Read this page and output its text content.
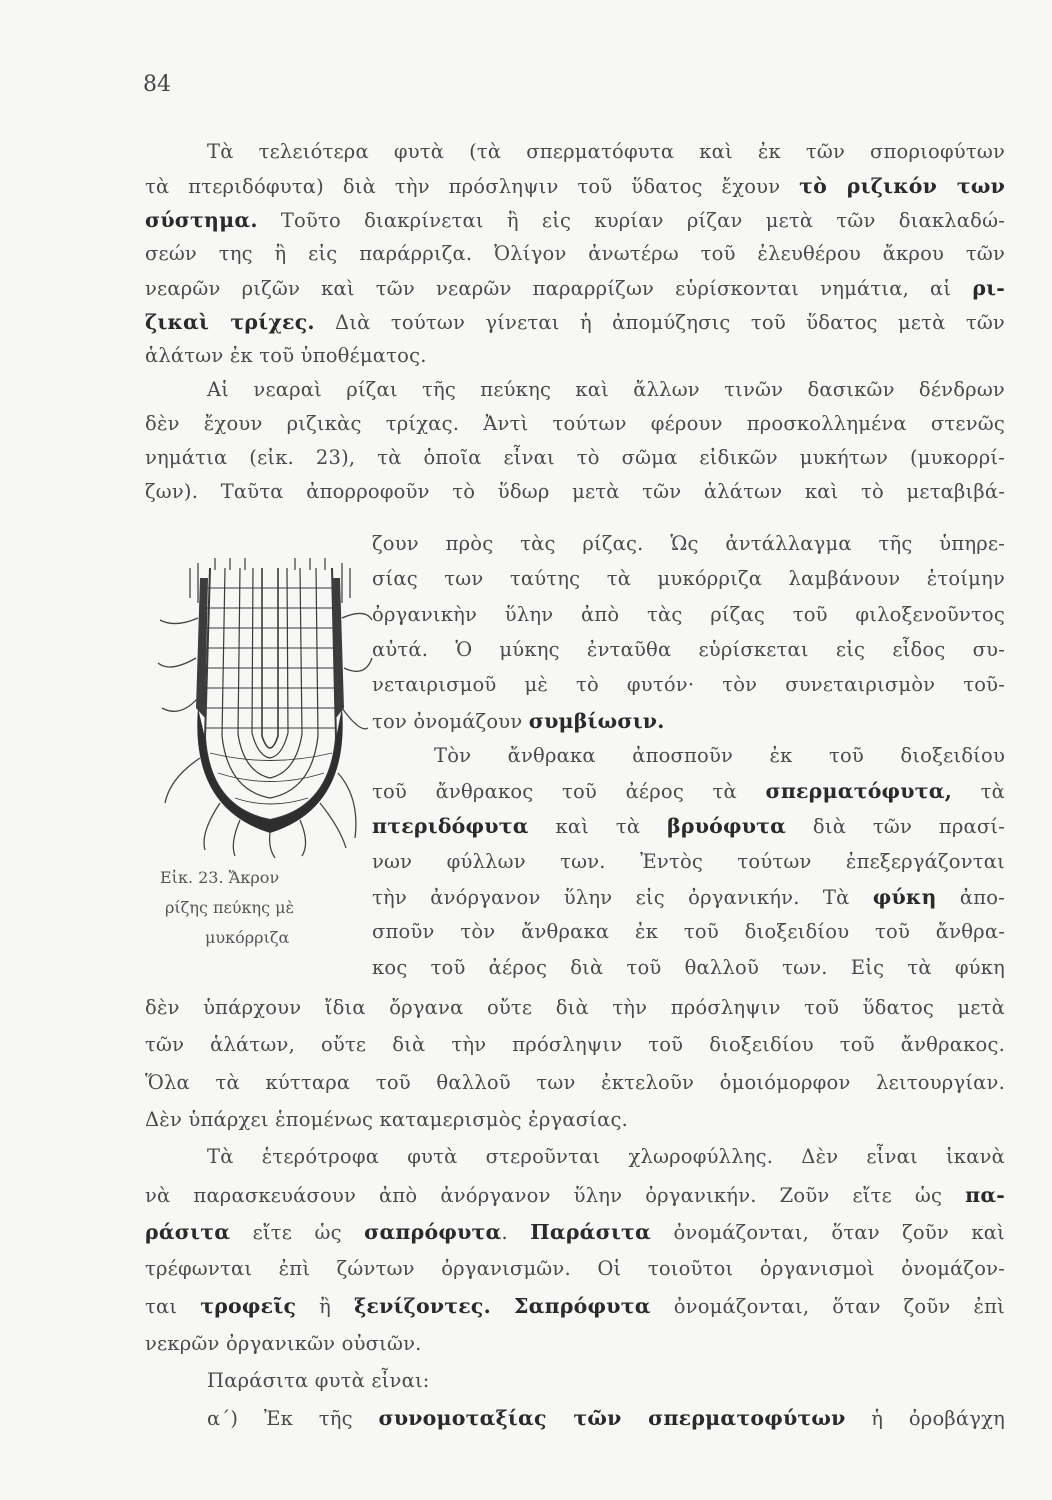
84
Τὰ τελειότερα φυτὰ (τὰ σπερματόφυτα καὶ ἐκ τῶν σποριοφύτων
τὰ πτεριδόφυτα) διὰ τὴν πρόσληψιν τοῦ ὕδατος ἔχουν τὸ ριζικόν των
σύστημα. Τοῦτο διακρίνεται ἢ εἰς κυρίαν ρίζαν μετὰ τῶν διακλαδώ-
σεών της ἢ εἰς παράρριζα. Ὀλίγον ἀνωτέρω τοῦ ἐλευθέρου ἄκρου τῶν
νεαρῶν ριζῶν καὶ τῶν νεαρῶν παραρρίζων εὑρίσκονται νημάτια, αἱ ρι-
ζικαὶ τρίχες. Διὰ τούτων γίνεται ἡ ἀπομύζησις τοῦ ὕδατος μετὰ τῶν
ἁλάτων ἐκ τοῦ ὑποθέματος.
Αἱ νεαραὶ ρίζαι τῆς πεύκης καὶ ἄλλων τινῶν δασικῶν δένδρων
δὲν ἔχουν ριζικὰς τρίχας. Ἀντὶ τούτων φέρουν προσκολλημένα στενῶς
νημάτια (εἰκ. 23), τὰ ὁποῖα εἶναι τὸ σῶμα εἰδικῶν μυκήτων (μυκορρί-
ζων). Ταῦτα ἀπορροφοῦν τὸ ὕδωρ μετὰ τῶν ἁλάτων καὶ τὸ μεταβιβά-
ζουν πρὸς τὰς ρίζας. Ὡς ἀντάλλαγμα τῆς ὑπηρε-
σίας των ταύτης τὰ μυκόρριζα λαμβάνουν ἑτοίμην
ὀργανικὴν ὕλην ἀπὸ τὰς ρίζας τοῦ φιλοξενοῦντος
αὐτά. Ὁ μύκης ἐνταῦθα εὑρίσκεται εἰς εἶδος συ-
νεταιρισμοῦ μὲ τὸ φυτόν· τὸν συνεταιρισμὸν τοῦ-
τον ὀνομάζουν συμβίωσιν.
Τὸν ἄνθρακα ἀποσποῦν ἐκ τοῦ διοξειδίου
τοῦ ἄνθρακος τοῦ ἀέρος τὰ σπερματόφυτα, τὰ
πτεριδόφυτα καὶ τὰ βρυόφυτα διὰ τῶν πρασί-
νων φύλλων των. Ἐντὸς τούτων ἐπεξεργάζονται
τὴν ἀνόργανον ὕλην εἰς ὀργανικήν. Τὰ φύκη ἀπο-
σποῦν τὸν ἄνθρακα ἐκ τοῦ διοξειδίου τοῦ ἄνθρα-
κος τοῦ ἀέρος διὰ τοῦ θαλλοῦ των. Εἰς τὰ φύκη
δὲν ὑπάρχουν ἴδια ὄργανα οὔτε διὰ τὴν πρόσληψιν τοῦ ὕδατος μετὰ
τῶν ἁλάτων, οὔτε διὰ τὴν πρόσληψιν τοῦ διοξειδίου τοῦ ἄνθρακος.
Ὅλα τὰ κύτταρα τοῦ θαλλοῦ των ἐκτελοῦν ὁμοιόμορφον λειτουργίαν.
Δὲν ὑπάρχει ἑπομένως καταμερισμὸς ἐργασίας.
Τὰ ἑτερότροφα φυτὰ στεροῦνται χλωροφύλλης. Δὲν εἶναι ἱκανὰ
νὰ παρασκευάσουν ἀπὸ ἀνόργανον ὕλην ὀργανικήν. Ζοῦν εἴτε ὡς πα-
ράσιτα εἴτε ὡς σαπρόφυτα. Παράσιτα ὀνομάζονται, ὅταν ζοῦν καὶ
τρέφωνται ἐπὶ ζώντων ὀργανισμῶν. Οἱ τοιοῦτοι ὀργανισμοὶ ὀνομάζον-
ται τροφεῖς ἢ ξενίζοντες. Σαπρόφυτα ὀνομάζονται, ὅταν ζοῦν ἐπὶ
νεκρῶν ὀργανικῶν οὐσιῶν.
Παράσιτα φυτὰ εἶναι:
α΄) Ἐκ τῆς συνομοταξίας τῶν σπερματοφύτων ἡ ὀροβάγχη
Εἰκ. 23. Ἄκρον
ρίζης πεύκης μὲ
μυκόρριζα
